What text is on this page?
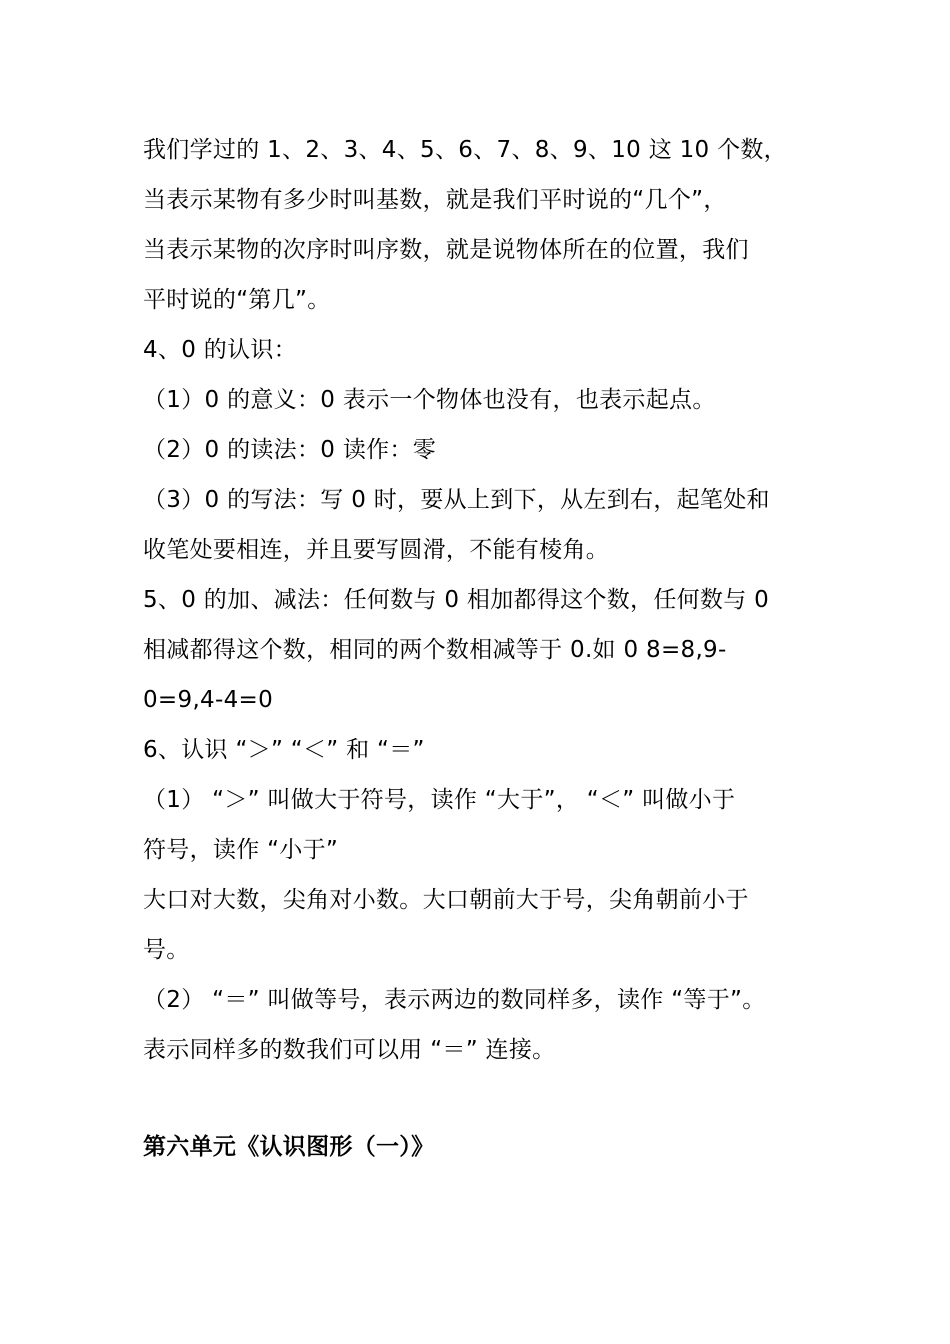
我们学过的 1、2、3、4、5、6、7、8、9、10 这 10 个数，
当表示某物有多少时叫基数，就是我们平时说的“几个”，
当表示某物的次序时叫序数，就是说物体所在的位置，我们
平时说的“第几”。
4、0 的认识：
（1）0 的意义：0 表示一个物体也没有，也表示起点。
（2）0 的读法：0 读作：零
（3）0 的写法：写 0 时，要从上到下，从左到右，起笔处和
收笔处要相连，并且要写圆滑，不能有棱角。
5、0 的加、减法：任何数与 0 相加都得这个数，任何数与 0
相减都得这个数，相同的两个数相减等于 0.如 0 8=8,9-
0=9,4-4=0
6、认识 “＞” “＜” 和 “＝”
（1） “＞” 叫做大于符号，读作 “大于”， “＜” 叫做小于
符号，读作 “小于”
大口对大数，尖角对小数。大口朝前大于号，尖角朝前小于
号。
（2） “＝” 叫做等号，表示两边的数同样多，读作 “等于”。
表示同样多的数我们可以用 “＝” 连接。
第六单元《认识图形（一）》
